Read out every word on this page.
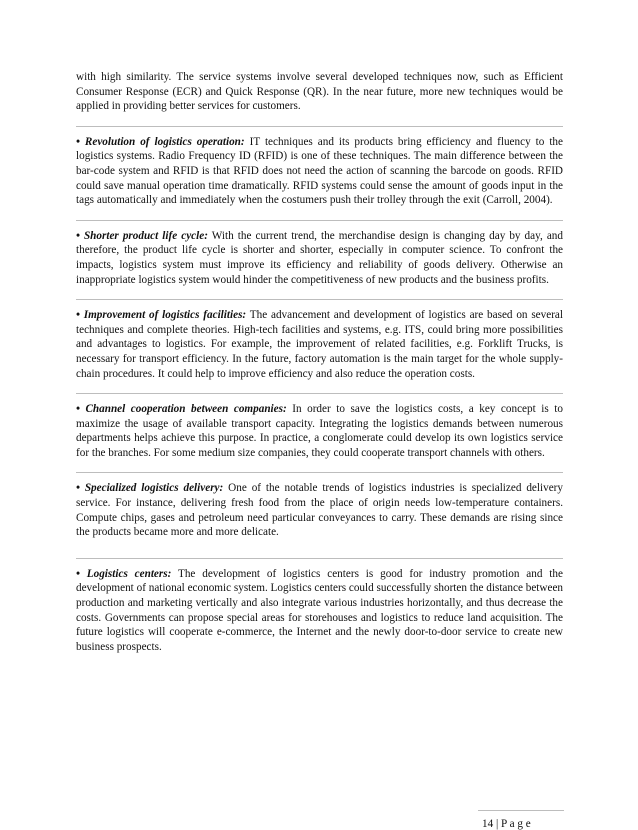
with high similarity. The service systems involve several developed techniques now, such as Efficient Consumer Response (ECR) and Quick Response (QR). In the near future, more new techniques would be applied in providing better services for customers.

• Revolution of logistics operation: IT techniques and its products bring efficiency and fluency to the logistics systems. Radio Frequency ID (RFID) is one of these techniques. The main difference between the bar-code system and RFID is that RFID does not need the action of scanning the barcode on goods. RFID could save manual operation time dramatically. RFID systems could sense the amount of goods input in the tags automatically and immediately when the costumers push their trolley through the exit (Carroll, 2004).

• Shorter product life cycle: With the current trend, the merchandise design is changing day by day, and therefore, the product life cycle is shorter and shorter, especially in computer science. To confront the impacts, logistics system must improve its efficiency and reliability of goods delivery. Otherwise an inappropriate logistics system would hinder the competitiveness of new products and the business profits.

• Improvement of logistics facilities: The advancement and development of logistics are based on several techniques and complete theories. High-tech facilities and systems, e.g. ITS, could bring more possibilities and advantages to logistics. For example, the improvement of related facilities, e.g. Forklift Trucks, is necessary for transport efficiency. In the future, factory automation is the main target for the whole supply-chain procedures. It could help to improve efficiency and also reduce the operation costs.

• Channel cooperation between companies: In order to save the logistics costs, a key concept is to maximize the usage of available transport capacity. Integrating the logistics demands between numerous departments helps achieve this purpose. In practice, a conglomerate could develop its own logistics service for the branches. For some medium size companies, they could cooperate transport channels with others.

• Specialized logistics delivery: One of the notable trends of logistics industries is specialized delivery service. For instance, delivering fresh food from the place of origin needs low-temperature containers. Compute chips, gases and petroleum need particular conveyances to carry. These demands are rising since the products became more and more delicate.

• Logistics centers: The development of logistics centers is good for industry promotion and the development of national economic system. Logistics centers could successfully shorten the distance between production and marketing vertically and also integrate various industries horizontally, and thus decrease the costs. Governments can propose special areas for storehouses and logistics to reduce land acquisition. The future logistics will cooperate e-commerce, the Internet and the newly door-to-door service to create new business prospects.

14 | P a g e
